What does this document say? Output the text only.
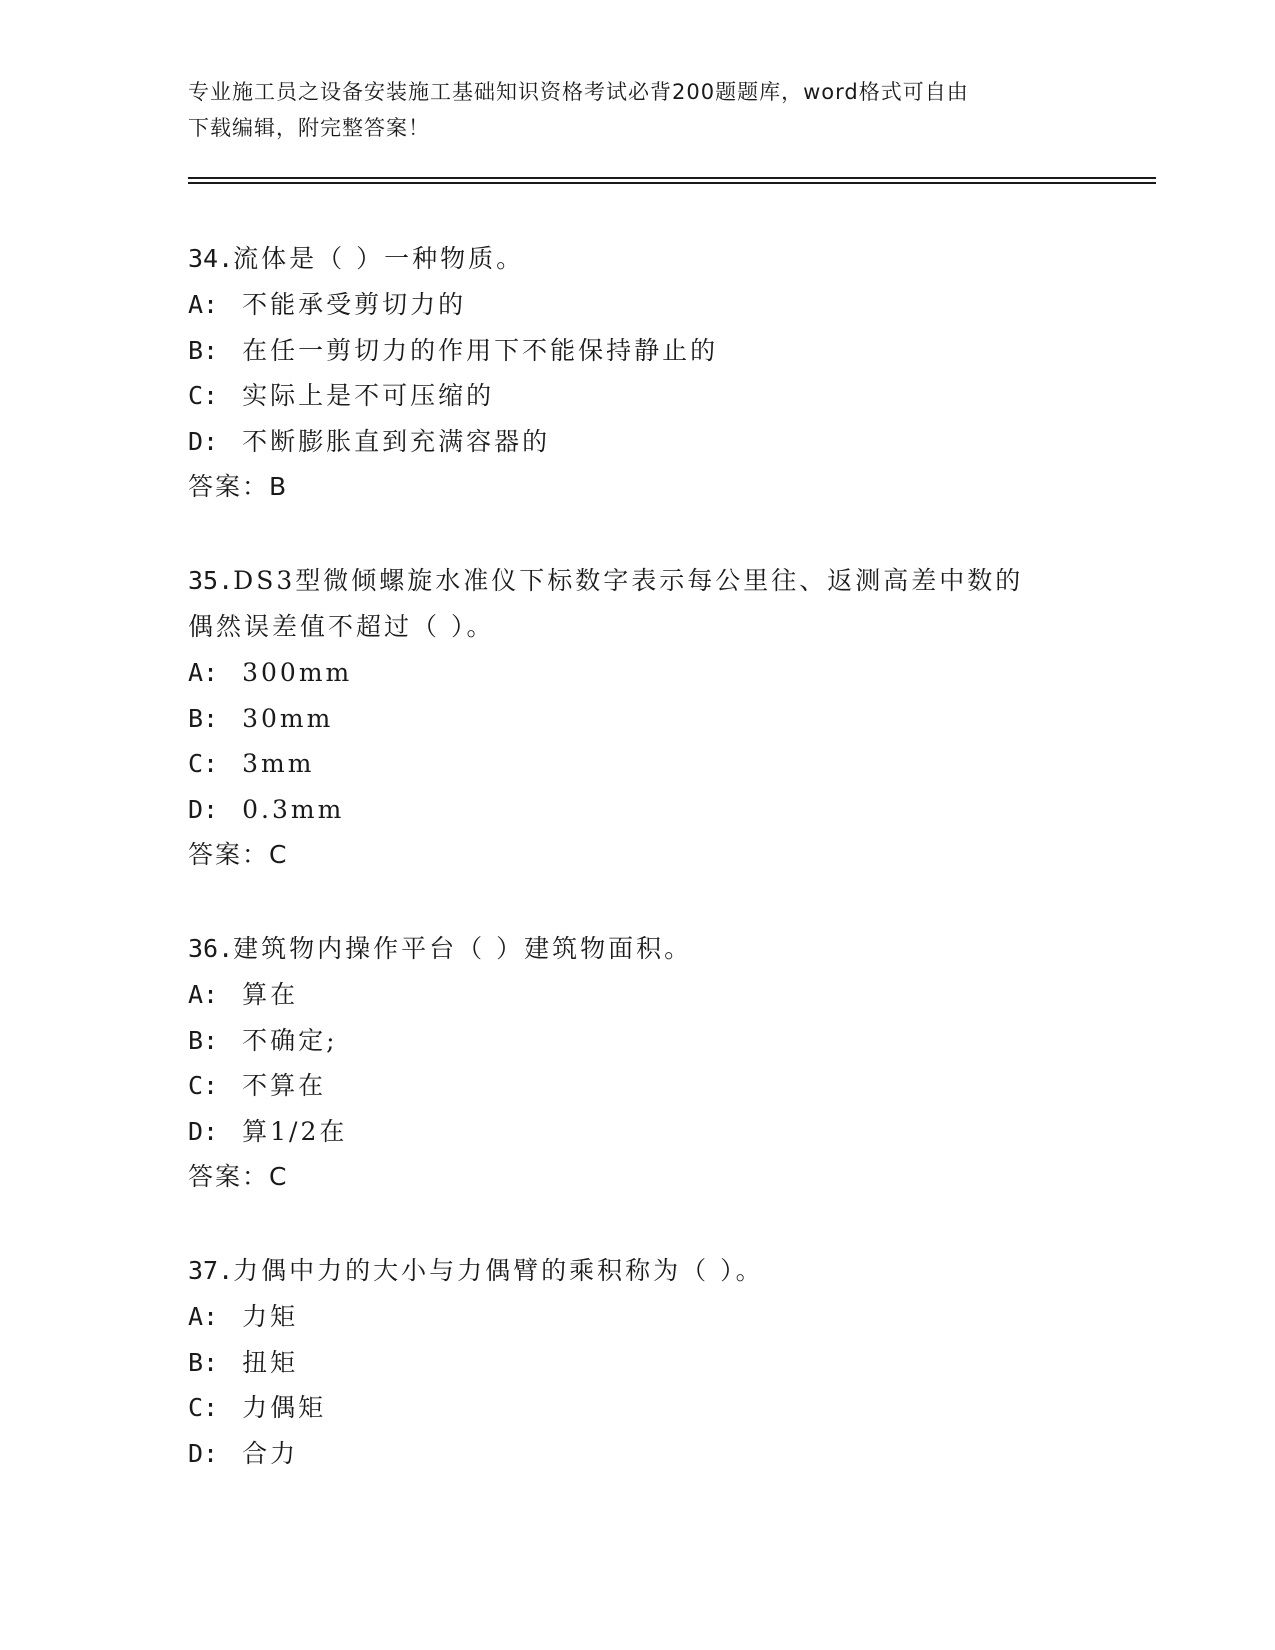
专业施工员之设备安装施工基础知识资格考试必背200题题库，word格式可自由
下载编辑，附完整答案！
34.流体是（ ）一种物质。
A: 不能承受剪切力的
B: 在任一剪切力的作用下不能保持静止的
C: 实际上是不可压缩的
D: 不断膨胀直到充满容器的
答案：B
35.DS3型微倾螺旋水准仪下标数字表示每公里往、返测高差中数的偶然误差值不超过（ ）。
A: 300mm
B: 30mm
C: 3mm
D: 0.3mm
答案：C
36.建筑物内操作平台（ ）建筑物面积。
A: 算在
B: 不确定;
C: 不算在
D: 算1/2在
答案：C
37.力偶中力的大小与力偶臂的乘积称为（ ）。
A: 力矩
B: 扭矩
C: 力偶矩
D: 合力
